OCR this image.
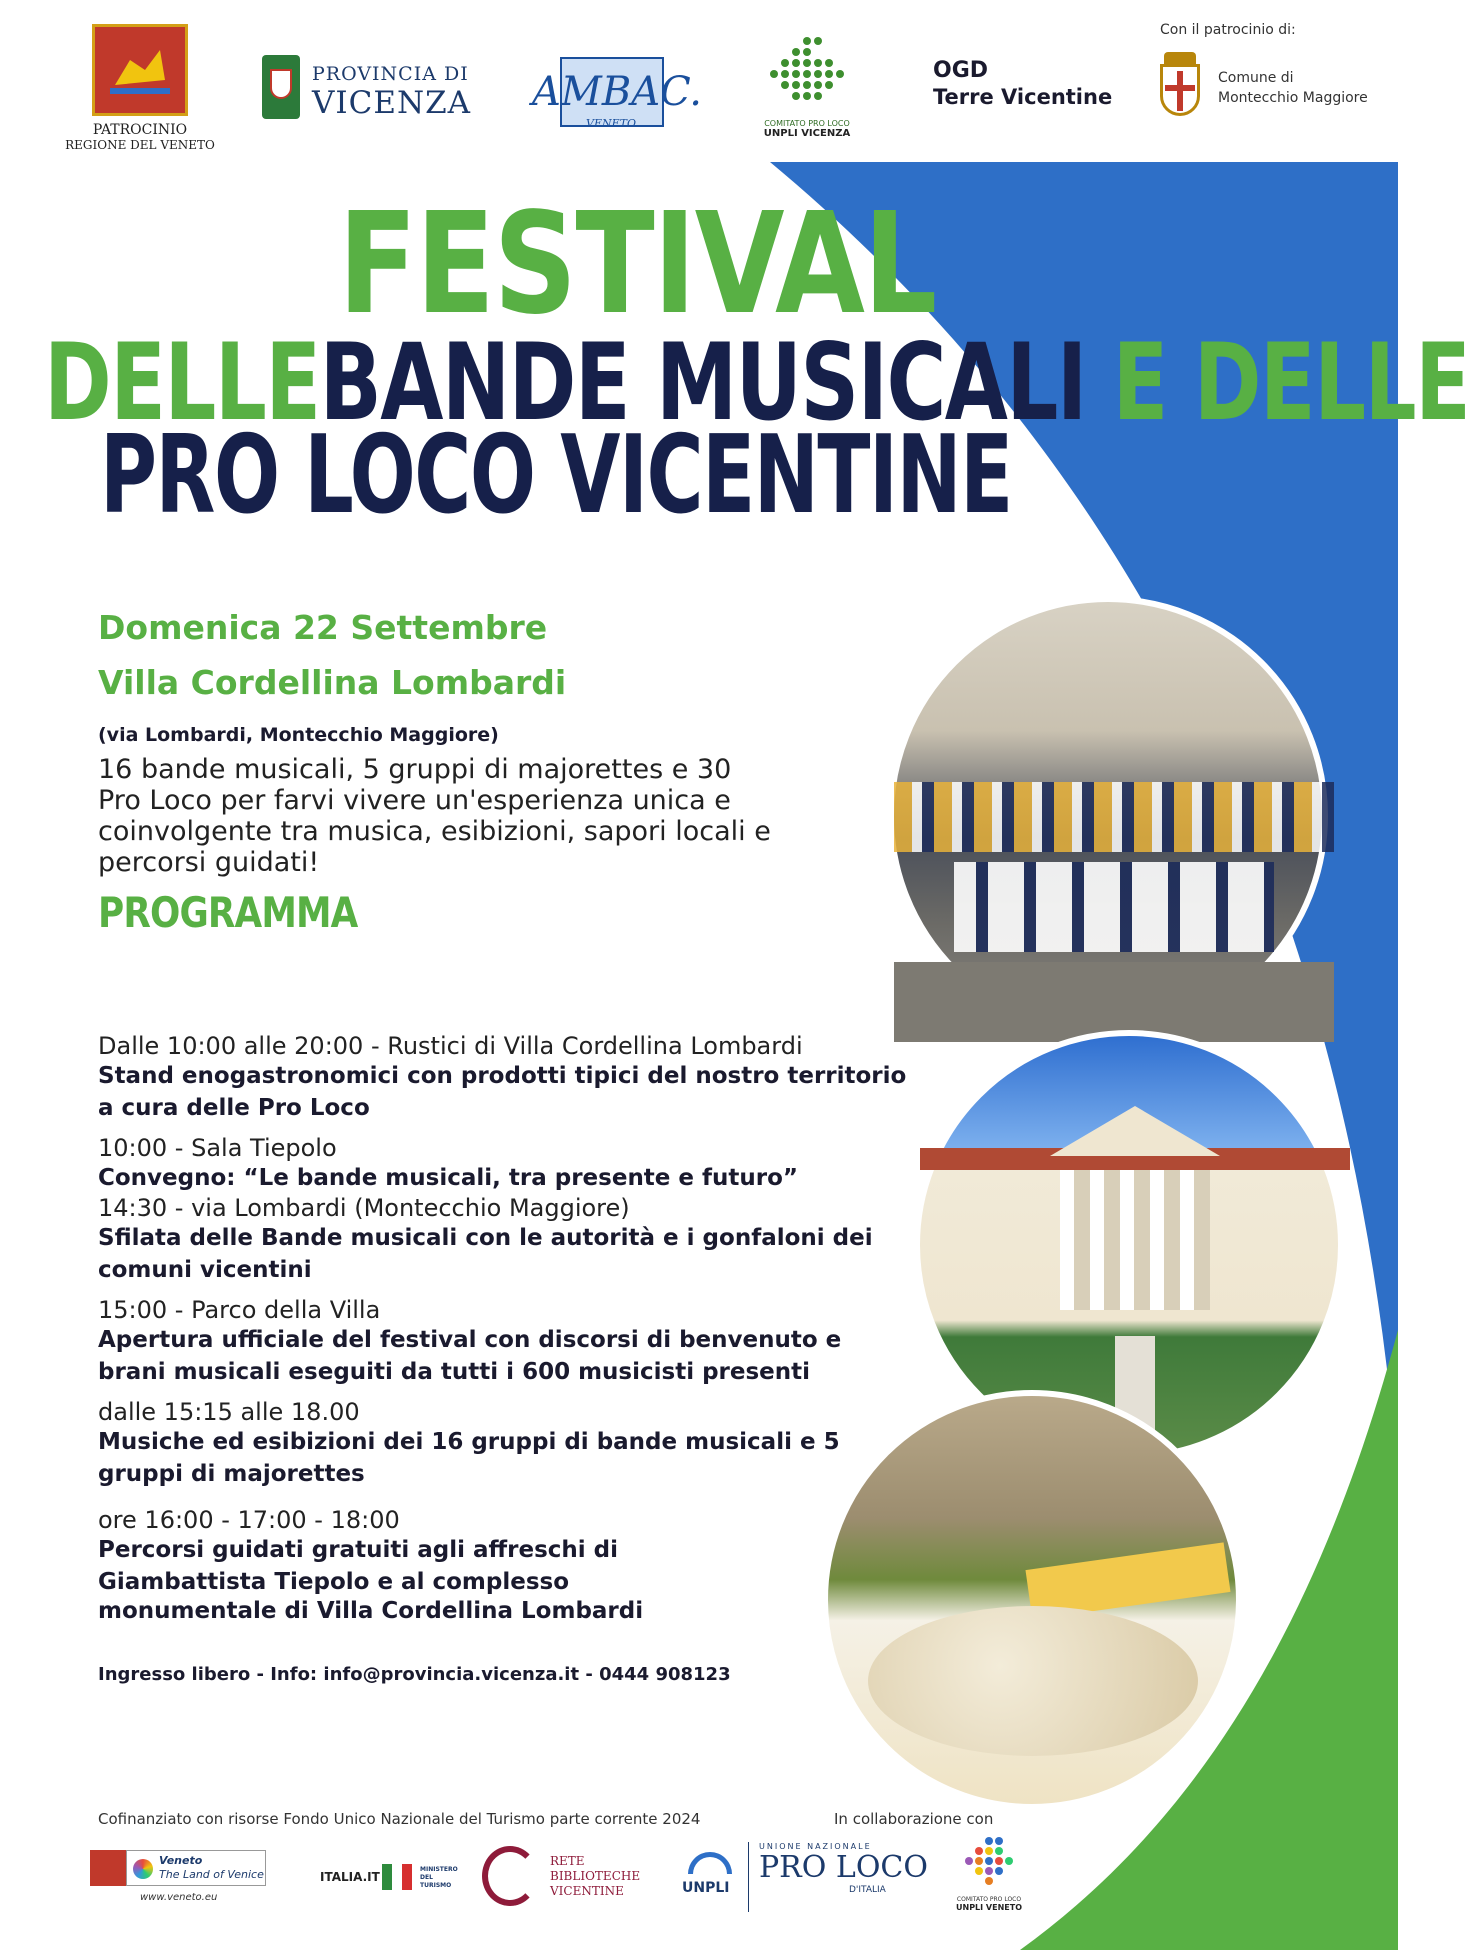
PATROCINIO
REGIONE DEL VENETO
PROVINCIA DI
VICENZA AMBAC.
VENETO	COMITATO PRO LOCO
UNPLI VICENZA
OGD
Terre Vicentine
Con il patrocinio di:
Comune di
Montecchio Maggiore
FESTIVAL
DELLEBANDE MUSICALI E DELLE
PRO LOCO VICENTINE
Domenica 22 Settembre
Villa Cordellina Lombardi
(via Lombardi, Montecchio Maggiore)
16 bande musicali, 5 gruppi di majorettes e 30
Pro Loco per farvi vivere un'esperienza unica e
coinvolgente tra musica, esibizioni, sapori locali e
percorsi guidati!
PROGRAMMA
Dalle 10:00 alle 20:00 - Rustici di Villa Cordellina Lombardi
Stand enogastronomici con prodotti tipici del nostro territorio
a cura delle Pro Loco
10:00 - Sala Tiepolo
Convegno: “Le bande musicali, tra presente e futuro”
14:30 - via Lombardi (Montecchio Maggiore)
Sfilata delle Bande musicali con le autorità e i gonfaloni dei
comuni vicentini
15:00 - Parco della Villa
Apertura ufficiale del festival con discorsi di benvenuto e
brani musicali eseguiti da tutti i 600 musicisti presenti
dalle 15:15 alle 18.00
Musiche ed esibizioni dei 16 gruppi di bande musicali e 5
gruppi di majorettes
ore 16:00 - 17:00 - 18:00
Percorsi guidati gratuiti agli affreschi di
Giambattista Tiepolo e al complesso
monumentale di Villa Cordellina Lombardi
Ingresso libero - Info: info@provincia.vicenza.it - 0444 908123
Cofinanziato con risorse Fondo Unico Nazionale del Turismo parte corrente 2024	In collaborazione con
Veneto
The Land of Venice
www.veneto.eu
ITALIA.IT
MINISTERO DEL TURISMO
RETE
BIBLIOTECHE
VICENTINE	UNPLI
UNIONE NAZIONALE
PRO LOCO
D'ITALIA
COMITATO PRO LOCO
UNPLI VENETO
